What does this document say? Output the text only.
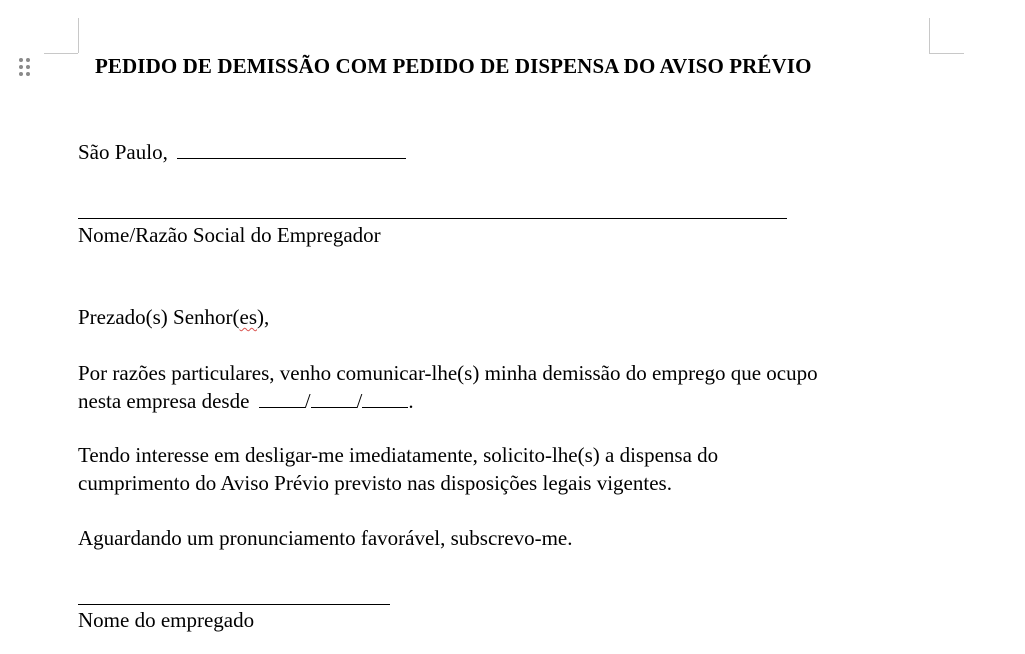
PEDIDO DE DEMISSÃO COM PEDIDO DE DISPENSA DO AVISO PRÉVIO
São Paulo,
Nome/Razão Social do Empregador
Prezado(s) Senhor(es),
Por razões particulares, venho comunicar-lhe(s) minha demissão do emprego que ocupo
nesta empresa desde	/ / .
Tendo interesse em desligar-me imediatamente, solicito-lhe(s) a dispensa do
cumprimento do Aviso Prévio previsto nas disposições legais vigentes.
Aguardando um pronunciamento favorável, subscrevo-me.
Nome do empregado
